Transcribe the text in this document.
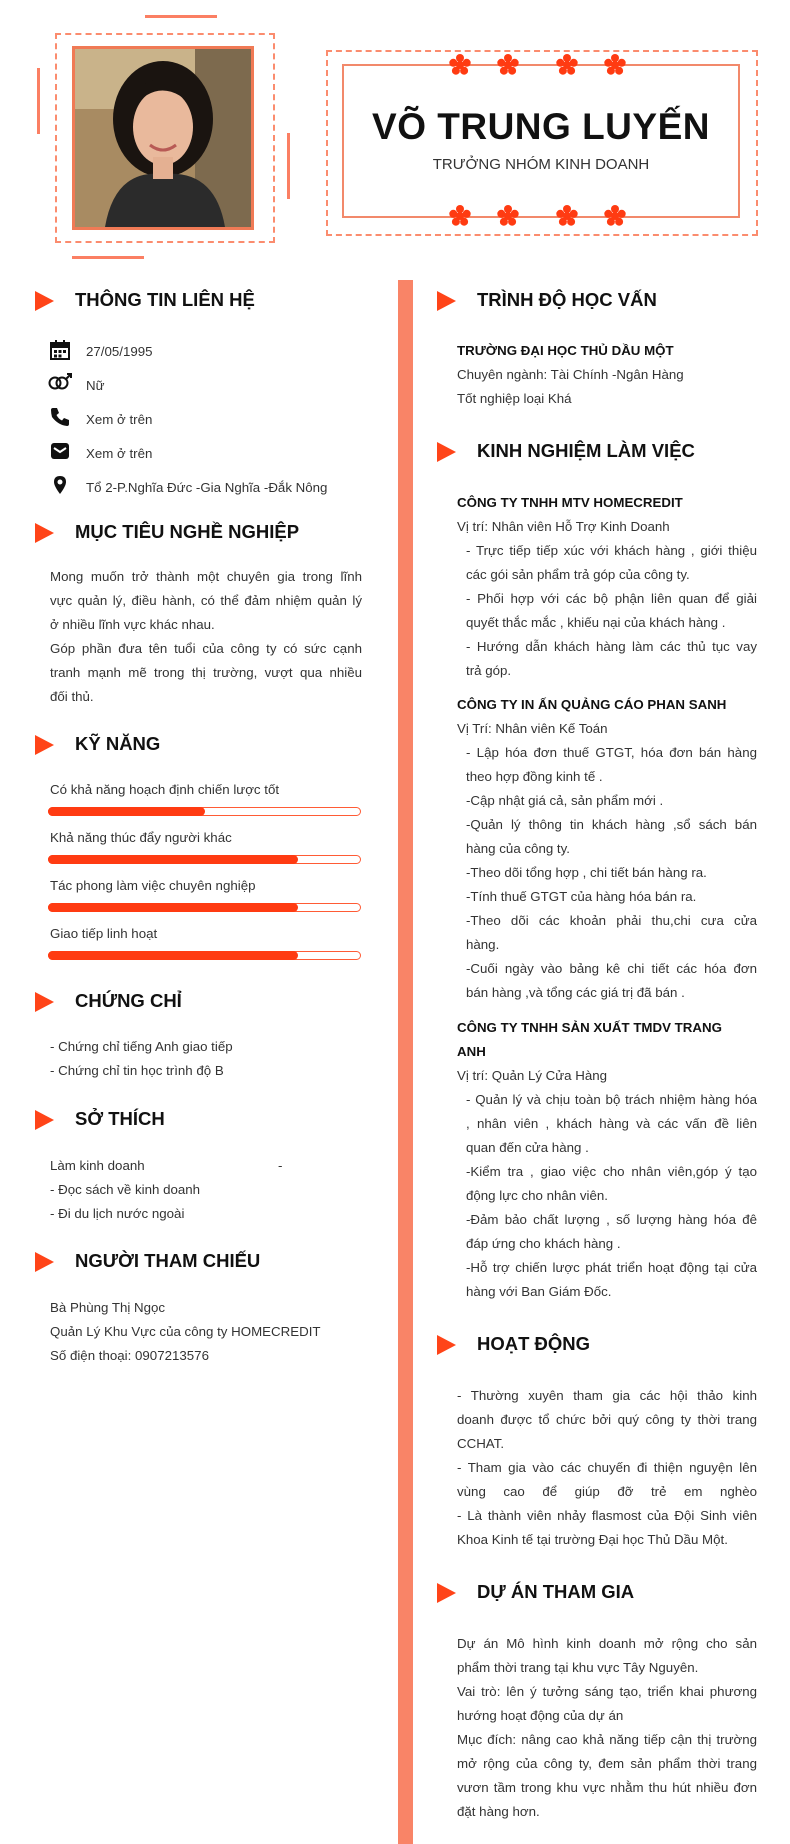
VÕ TRUNG LUYẾN
TRƯỞNG NHÓM KINH DOANH
THÔNG TIN LIÊN HỆ
27/05/1995
Nữ
Xem ở trên
Xem ở trên
Tổ 2-P.Nghĩa Đức -Gia Nghĩa -Đắk Nông
MỤC TIÊU NGHỀ NGHIỆP
Mong muốn trở thành một chuyên gia trong lĩnh
vực quản lý, điều hành, có thể đảm nhiệm quản lý
ở nhiều lĩnh vực khác nhau.
Góp phần đưa tên tuổi của công ty có sức cạnh
tranh mạnh mẽ trong thị trường, vượt qua nhiều
đối thủ.
KỸ NĂNG
Có khả năng hoạch định chiến lược tốt
Khả năng thúc đẩy người khác
Tác phong làm việc chuyên nghiệp
Giao tiếp linh hoạt
CHỨNG CHỈ
- Chứng chỉ tiếng Anh giao tiếp
- Chứng chỉ tin học trình độ B
SỞ THÍCH
Làm kinh doanh	-
- Đọc sách về kinh doanh
- Đi du lịch nước ngoài
NGƯỜI THAM CHIẾU
Bà Phùng Thị Ngọc
Quản Lý Khu Vực của công ty HOMECREDIT
Số điện thoại: 0907213576
TRÌNH ĐỘ HỌC VẤN
TRƯỜNG ĐẠI HỌC THỦ DẦU MỘT
Chuyên ngành: Tài Chính -Ngân Hàng
Tốt nghiệp loại Khá
KINH NGHIỆM LÀM VIỆC
CÔNG TY TNHH MTV HOMECREDIT
Vị trí: Nhân viên Hỗ Trợ Kinh Doanh
- Trực tiếp tiếp xúc với khách hàng , giới thiệu
các gói sản phẩm trả góp của công ty.
- Phối hợp với các bộ phận liên quan để giải
quyết thắc mắc , khiếu nại của khách hàng .
- Hướng dẫn khách hàng làm các thủ tục vay
trả góp.
CÔNG TY IN ẤN QUẢNG CÁO PHAN SANH
Vị Trí: Nhân viên Kế Toán
- Lập hóa đơn thuế GTGT, hóa đơn bán hàng
theo hợp đồng kinh tế .
-Cập nhật giá cả, sản phẩm mới .
-Quản lý thông tin khách hàng ,sổ sách bán
hàng của công ty.
-Theo dõi tổng hợp , chi tiết bán hàng ra.
-Tính thuế GTGT của hàng hóa bán ra.
-Theo dõi các khoản phải thu,chi cưa cửa
hàng.
-Cuối ngày vào bảng kê chi tiết các hóa đơn
bán hàng ,và tổng các giá trị đã bán .
CÔNG TY TNHH SẢN XUẤT TMDV TRANG
ANH
Vị trí: Quản Lý Cửa Hàng
- Quản lý và chịu toàn bộ trách nhiệm hàng hóa
, nhân viên , khách hàng và các vấn đề liên
quan đến cửa hàng .
-Kiểm tra , giao việc cho nhân viên,góp ý tạo
động lực cho nhân viên.
-Đảm bảo chất lượng , số lượng hàng hóa đê
đáp ứng cho khách hàng .
-Hỗ trợ chiến lược phát triển hoạt động tại cửa
hàng với Ban Giám Đốc.
HOẠT ĐỘNG
- Thường xuyên tham gia các hội thảo kinh
doanh được tổ chức bởi quý công ty thời trang
CCHAT.
- Tham gia vào các chuyến đi thiện nguyện lên
vùng cao để giúp đỡ trẻ em nghèo
- Là thành viên nhảy flasmost của Đội Sinh viên
Khoa Kinh tế tại trường Đại học Thủ Dầu Một.
DỰ ÁN THAM GIA
Dự án Mô hình kinh doanh mở rộng cho sản
phẩm thời trang tại khu vực Tây Nguyên.
Vai trò: lên ý tưởng sáng tạo, triển khai phương
hướng hoạt động của dự án
Mục đích: nâng cao khả năng tiếp cận thị trường
mở rộng của công ty, đem sản phẩm thời trang
vươn tầm trong khu vực nhằm thu hút nhiều đơn
đặt hàng hơn.
